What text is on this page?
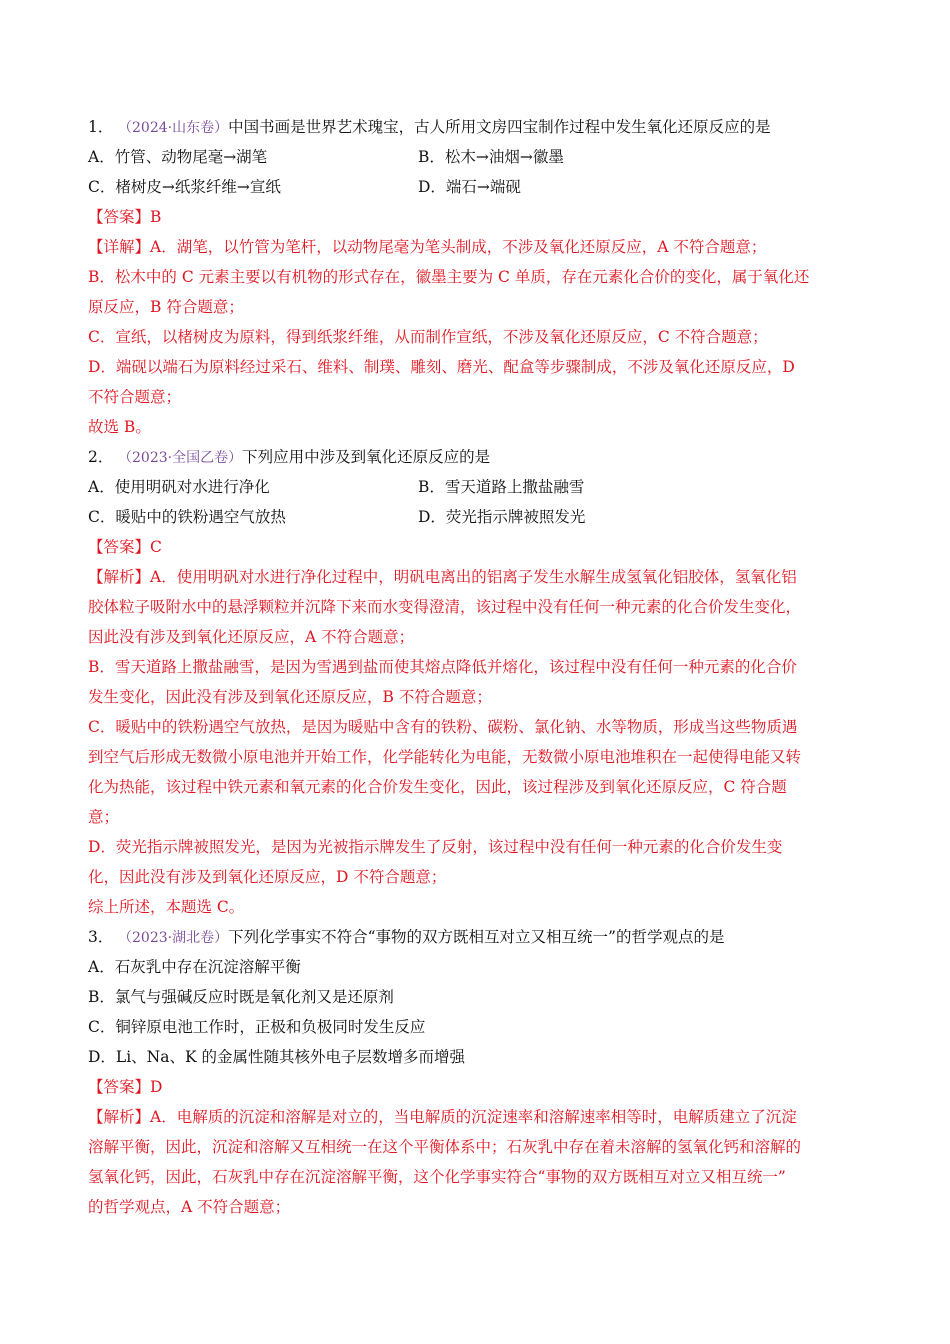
1． （2024·山东卷）中国书画是世界艺术瑰宝，古人所用文房四宝制作过程中发生氧化还原反应的是
A．竹管、动物尾毫→湖笔	B．松木→油烟→徽墨
C．楮树皮→纸浆纤维→宣纸	D．端石→端砚
【答案】B
【详解】A．湖笔，以竹管为笔杆，以动物尾毫为笔头制成，不涉及氧化还原反应，A 不符合题意；
B．松木中的 C 元素主要以有机物的形式存在，徽墨主要为 C 单质，存在元素化合价的变化，属于氧化还
原反应，B 符合题意；
C．宣纸，以楮树皮为原料，得到纸浆纤维，从而制作宣纸，不涉及氧化还原反应，C 不符合题意；
D．端砚以端石为原料经过采石、维料、制璞、雕刻、磨光、配盒等步骤制成，不涉及氧化还原反应，D
不符合题意；
故选 B。
2． （2023·全国乙卷）下列应用中涉及到氧化还原反应的是
A．使用明矾对水进行净化	B．雪天道路上撒盐融雪
C．暖贴中的铁粉遇空气放热	D．荧光指示牌被照发光
【答案】C
【解析】A．使用明矾对水进行净化过程中，明矾电离出的铝离子发生水解生成氢氧化铝胶体，氢氧化铝
胶体粒子吸附水中的悬浮颗粒并沉降下来而水变得澄清，该过程中没有任何一种元素的化合价发生变化，
因此没有涉及到氧化还原反应，A 不符合题意；
B．雪天道路上撒盐融雪，是因为雪遇到盐而使其熔点降低并熔化，该过程中没有任何一种元素的化合价
发生变化，因此没有涉及到氧化还原反应，B 不符合题意；
C．暖贴中的铁粉遇空气放热，是因为暖贴中含有的铁粉、碳粉、氯化钠、水等物质，形成当这些物质遇
到空气后形成无数微小原电池并开始工作，化学能转化为电能，无数微小原电池堆积在一起使得电能又转
化为热能，该过程中铁元素和氧元素的化合价发生变化，因此，该过程涉及到氧化还原反应，C 符合题
意；
D．荧光指示牌被照发光，是因为光被指示牌发生了反射，该过程中没有任何一种元素的化合价发生变
化，因此没有涉及到氧化还原反应，D 不符合题意；
综上所述，本题选 C。
3． （2023·湖北卷）下列化学事实不符合“事物的双方既相互对立又相互统一”的哲学观点的是
A．石灰乳中存在沉淀溶解平衡
B．氯气与强碱反应时既是氧化剂又是还原剂
C．铜锌原电池工作时，正极和负极同时发生反应
D．Li、Na、K 的金属性随其核外电子层数增多而增强
【答案】D
【解析】A．电解质的沉淀和溶解是对立的，当电解质的沉淀速率和溶解速率相等时，电解质建立了沉淀
溶解平衡，因此，沉淀和溶解又互相统一在这个平衡体系中；石灰乳中存在着未溶解的氢氧化钙和溶解的
氢氧化钙，因此，石灰乳中存在沉淀溶解平衡，这个化学事实符合“事物的双方既相互对立又相互统一”
的哲学观点，A 不符合题意；
